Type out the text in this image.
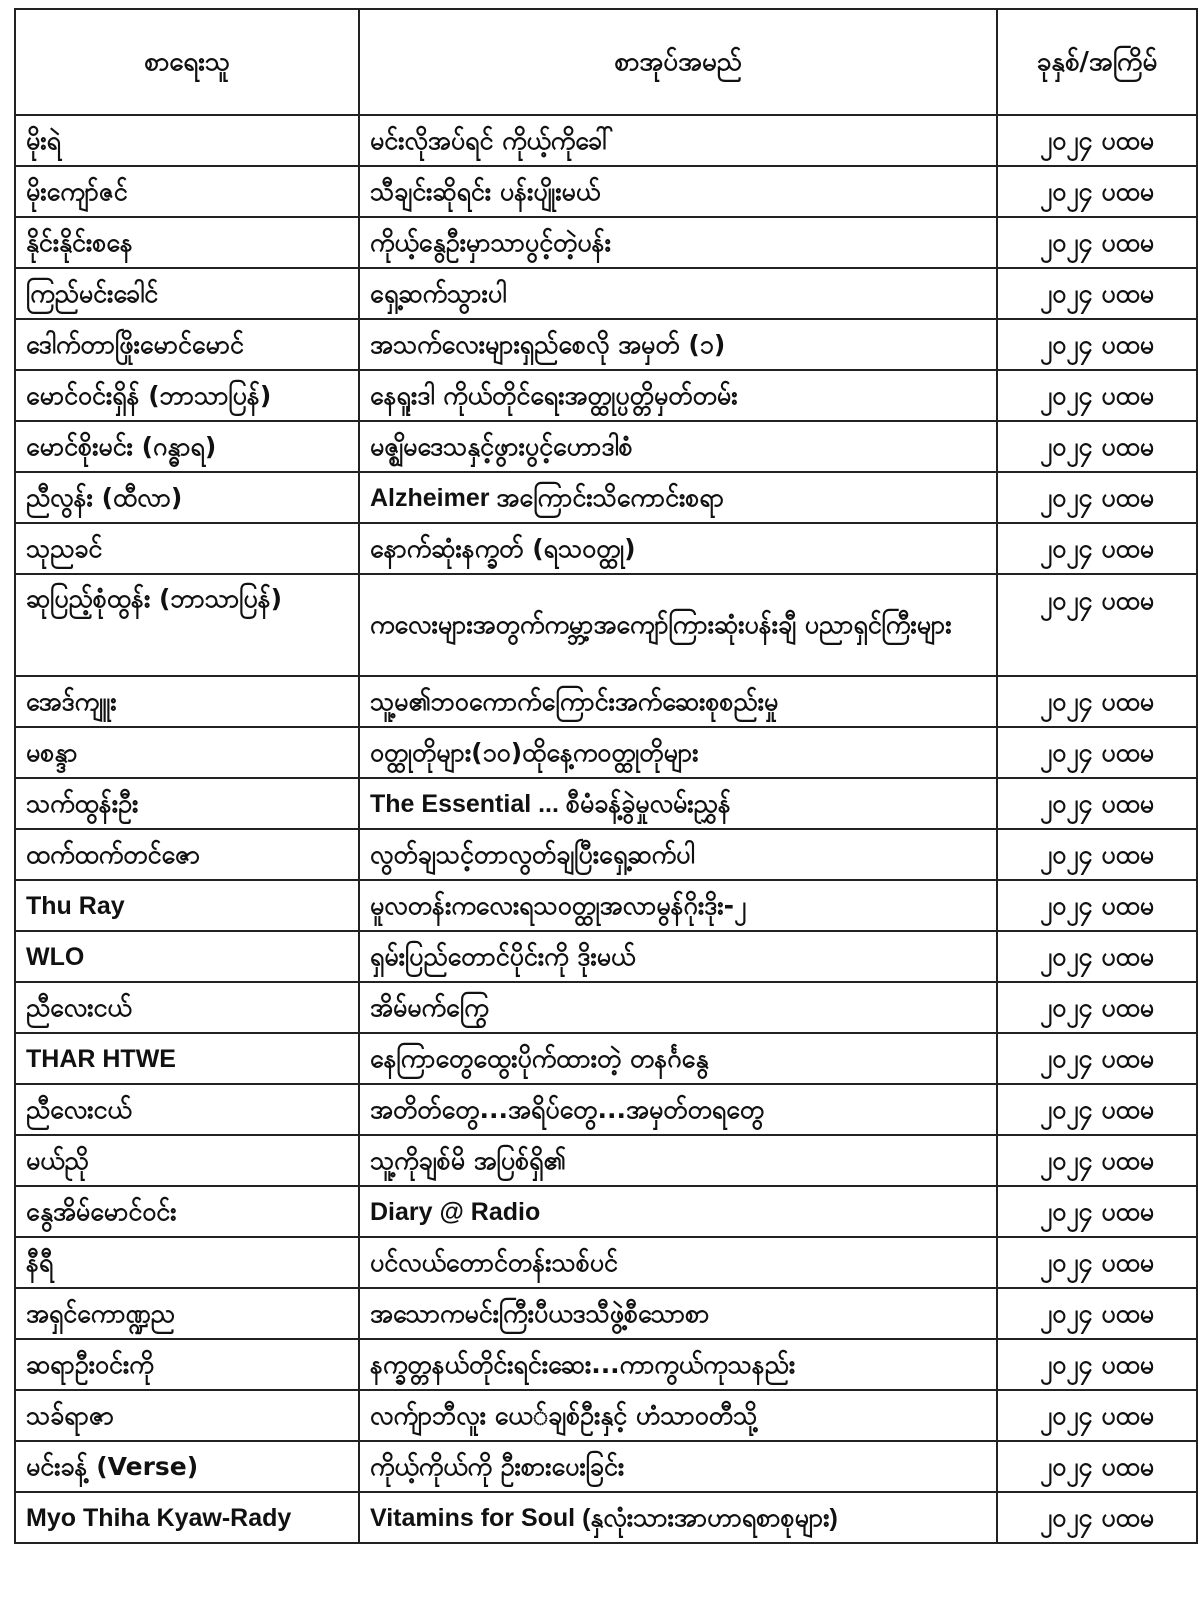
စာရေးသူ	စာအုပ်အမည်	ခုနှစ်/အကြိမ်
မိုးရဲ	မင်းလိုအပ်ရင် ကိုယ့်ကိုခေါ်	၂၀၂၄ ပထမ
မိုးကျော်ဇင်	သီချင်းဆိုရင်း ပန်းပျိုးမယ်	၂၀၂၄ ပထမ
နိုင်းနိုင်းစနေ	ကိုယ့်နွေဦးမှာသာပွင့်တဲ့ပန်း	၂၀၂၄ ပထမ
ကြည်မင်းခေါင်	ရှေ့ဆက်သွားပါ	၂၀၂၄ ပထမ
ဒေါက်တာဖြိုးမောင်မောင်	အသက်လေးများရှည်စေလို အမှတ် (၁)	၂၀၂၄ ပထမ
မောင်ဝင်းရှိန် (ဘာသာပြန်)	နေရူးဒါ ကိုယ်တိုင်ရေးအတ္ထုပ္ပတ္တိမှတ်တမ်း	၂၀၂၄ ပထမ
မောင်စိုးမင်း (ဂန္ဓာရ)	မဇ္ဈိမဒေသနှင့်ဖွားပွင့်ဟောဒါစံ	၂၀၂၄ ပထမ
ညီလွန်း (ထီလာ)	Alzheimer အကြောင်းသိကောင်းစရာ	၂၀၂၄ ပထမ
သုညခင်	နောက်ဆုံးနက္ခတ် (ရသဝတ္ထု)	၂၀၂၄ ပထမ
ဆုပြည့်စုံထွန်း (ဘာသာပြန်)	ကလေးများအတွက်ကမ္ဘာ့အကျော်ကြားဆုံးပန်းချီ ပညာရှင်ကြီးများ	၂၀၂၄ ပထမ
အေဒ်ကျူး	သူ့မ၏ဘဝကောက်ကြောင်းအက်ဆေးစုစည်းမှု	၂၀၂၄ ပထမ
မစန္ဒာ	ဝတ္ထုတိုများ(၁၀)ထိုနေ့ကဝတ္ထုတိုများ	၂၀၂၄ ပထမ
သက်ထွန်းဦး	The Essential ... စီမံခန့်ခွဲမှုလမ်းညွှန်	၂၀၂၄ ပထမ
ထက်ထက်တင်ဇော	လွတ်ချသင့်တာလွတ်ချပြီးရှေ့ဆက်ပါ	၂၀၂၄ ပထမ
Thu Ray	မူလတန်းကလေးရသဝတ္ထုအလာမွန်ဂိုးဒိုး-၂	၂၀၂၄ ပထမ
WLO	ရှမ်းပြည်တောင်ပိုင်းကို ဒိုးမယ်	၂၀၂၄ ပထမ
ညီလေးငယ်	အိမ်မက်ကြွေ	၂၀၂၄ ပထမ
THAR HTWE	နေကြာတွေထွေးပိုက်ထားတဲ့ တနင်္ဂနွေ	၂၀၂၄ ပထမ
ညီလေးငယ်	အတိတ်တွေ...အရိပ်တွေ...အမှတ်တရတွေ	၂၀၂၄ ပထမ
မယ်ညို	သူ့ကိုချစ်မိ အပြစ်ရှိ၏	၂၀၂၄ ပထမ
နွေအိမ်မောင်ဝင်း	Diary @ Radio	၂၀၂၄ ပထမ
နီရီ	ပင်လယ်တောင်တန်းသစ်ပင်	၂၀၂၄ ပထမ
အရှင်ကောဏ္ဍည	အသောကမင်းကြီးပီယဒသီဖွဲ့စီသောစာ	၂၀၂၄ ပထမ
ဆရာဦးဝင်းကို	နက္ခတ္တနယ်တိုင်းရင်းဆေး...ကာကွယ်ကုသနည်း	၂၀၂၄ ပထမ
သခ်ရာဇာ	လက်ျာဘီလူး ယေ်ချစ်ဦးနှင့် ဟံသာဝတီသို့	၂၀၂၄ ပထမ
မင်းခန့် (Verse)	ကိုယ့်ကိုယ်ကို ဦးစားပေးခြင်း	၂၀၂၄ ပထမ
Myo Thiha Kyaw-Rady	Vitamins for Soul (နှလုံးသားအာဟာရစာစုများ)	၂၀၂၄ ပထမ
